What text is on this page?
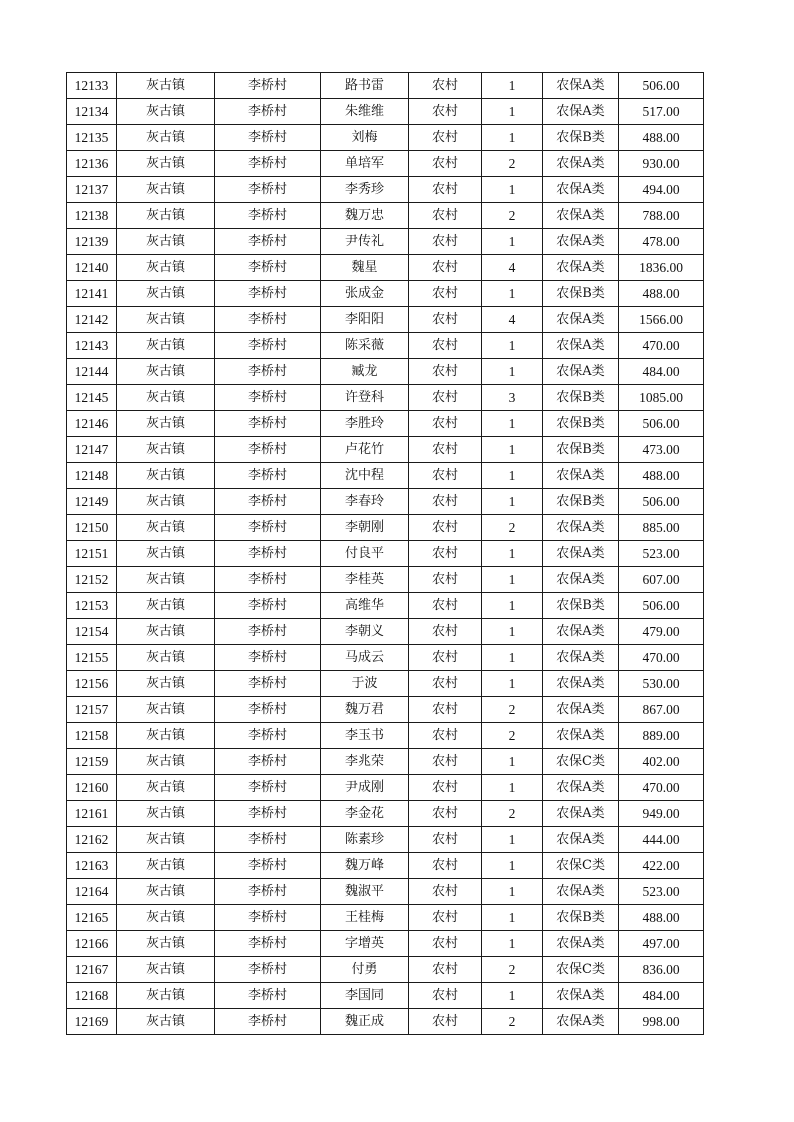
12133	灰古镇	李桥村	路书雷	农村	1	农保A类	506.00
12134	灰古镇	李桥村	朱维维	农村	1	农保A类	517.00
12135	灰古镇	李桥村	刘梅	农村	1	农保B类	488.00
12136	灰古镇	李桥村	单培军	农村	2	农保A类	930.00
12137	灰古镇	李桥村	李秀珍	农村	1	农保A类	494.00
12138	灰古镇	李桥村	魏万忠	农村	2	农保A类	788.00
12139	灰古镇	李桥村	尹传礼	农村	1	农保A类	478.00
12140	灰古镇	李桥村	魏星	农村	4	农保A类	1836.00
12141	灰古镇	李桥村	张成金	农村	1	农保B类	488.00
12142	灰古镇	李桥村	李阳阳	农村	4	农保A类	1566.00
12143	灰古镇	李桥村	陈采薇	农村	1	农保A类	470.00
12144	灰古镇	李桥村	臧龙	农村	1	农保A类	484.00
12145	灰古镇	李桥村	许登科	农村	3	农保B类	1085.00
12146	灰古镇	李桥村	李胜玲	农村	1	农保B类	506.00
12147	灰古镇	李桥村	卢花竹	农村	1	农保B类	473.00
12148	灰古镇	李桥村	沈中程	农村	1	农保A类	488.00
12149	灰古镇	李桥村	李春玲	农村	1	农保B类	506.00
12150	灰古镇	李桥村	李朝刚	农村	2	农保A类	885.00
12151	灰古镇	李桥村	付良平	农村	1	农保A类	523.00
12152	灰古镇	李桥村	李桂英	农村	1	农保A类	607.00
12153	灰古镇	李桥村	高维华	农村	1	农保B类	506.00
12154	灰古镇	李桥村	李朝义	农村	1	农保A类	479.00
12155	灰古镇	李桥村	马成云	农村	1	农保A类	470.00
12156	灰古镇	李桥村	于波	农村	1	农保A类	530.00
12157	灰古镇	李桥村	魏万君	农村	2	农保A类	867.00
12158	灰古镇	李桥村	李玉书	农村	2	农保A类	889.00
12159	灰古镇	李桥村	李兆荣	农村	1	农保C类	402.00
12160	灰古镇	李桥村	尹成刚	农村	1	农保A类	470.00
12161	灰古镇	李桥村	李金花	农村	2	农保A类	949.00
12162	灰古镇	李桥村	陈素珍	农村	1	农保A类	444.00
12163	灰古镇	李桥村	魏万峰	农村	1	农保C类	422.00
12164	灰古镇	李桥村	魏淑平	农村	1	农保A类	523.00
12165	灰古镇	李桥村	王桂梅	农村	1	农保B类	488.00
12166	灰古镇	李桥村	字增英	农村	1	农保A类	497.00
12167	灰古镇	李桥村	付勇	农村	2	农保C类	836.00
12168	灰古镇	李桥村	李国同	农村	1	农保A类	484.00
12169	灰古镇	李桥村	魏正成	农村	2	农保A类	998.00
